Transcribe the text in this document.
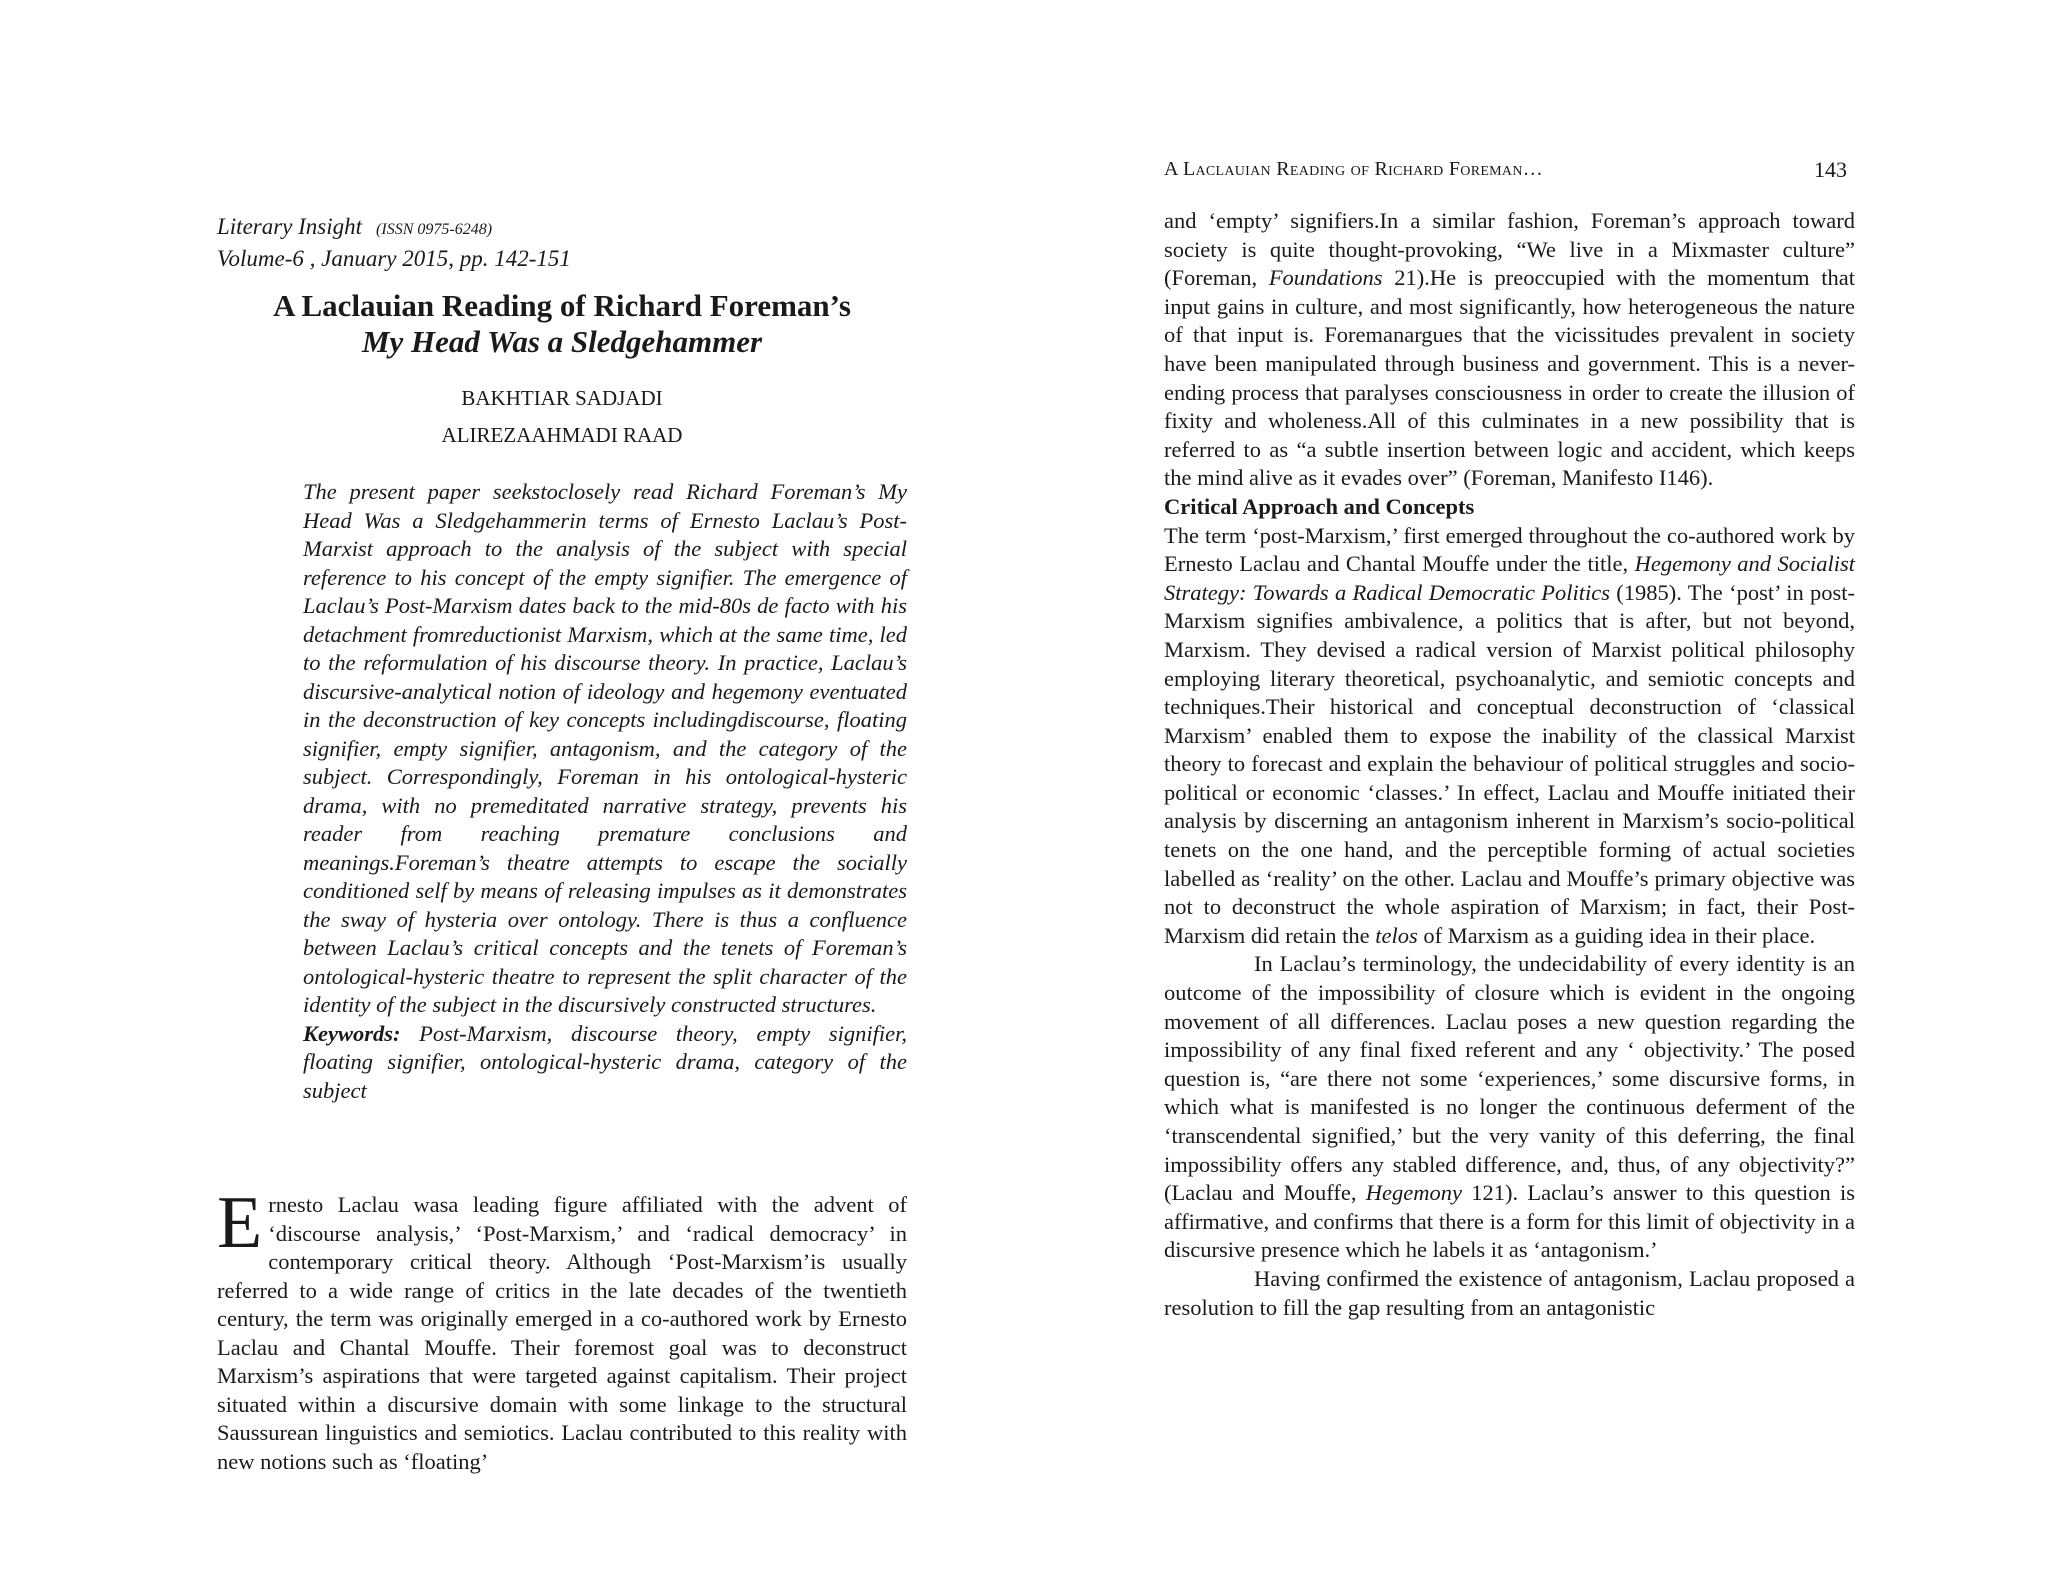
Literary Insight (ISSN 0975-6248)
Volume-6 , January 2015, pp. 142-151
A Laclauian Reading of Richard Foreman’s
My Head Was a Sledgehammer
BAKHTIAR SADJADI
ALIREZAAHMADI RAAD

The present paper seekstoclosely read Richard Foreman’s My Head Was a Sledgehammerin terms of Ernesto Laclau’s Post-Marxist approach to the analysis of the subject with special reference to his concept of the empty signifier. The emergence of Laclau’s Post-Marxism dates back to the mid-80s de facto with his detachment fromreductionist Marxism, which at the same time, led to the reformulation of his discourse theory. In practice, Laclau’s discursive-analytical notion of ideology and hegemony eventuated in the deconstruction of key concepts includingdiscourse, floating signifier, empty signifier, antagonism, and the category of the subject. Correspondingly, Foreman in his ontological-hysteric drama, with no premeditated narrative strategy, prevents his reader from reaching premature conclusions and meanings.Foreman’s theatre attempts to escape the socially conditioned self by means of releasing impulses as it demonstrates the sway of hysteria over ontology. There is thus a confluence between Laclau’s critical concepts and the tenets of Foreman’s ontological-hysteric theatre to represent the split character of the identity of the subject in the discursively constructed structures.

Keywords: Post-Marxism, discourse theory, empty signifier, floating signifier, ontological-hysteric drama, category of the subject

Ernesto Laclau wasa leading figure affiliated with the advent of ‘discourse analysis,’ ‘Post-Marxism,’ and ‘radical democracy’ in contemporary critical theory. Although ‘Post-Marxism’is usually referred to a wide range of critics in the late decades of the twentieth century, the term was originally emerged in a co-authored work by Ernesto Laclau and Chantal Mouffe. Their foremost goal was to deconstruct Marxism’s aspirations that were targeted against capitalism. Their project situated within a discursive domain with some linkage to the structural Saussurean linguistics and semiotics. Laclau contributed to this reality with new notions such as ‘floating’

A Laclauian Reading of Richard Foreman…	143

and ‘empty’ signifiers.In a similar fashion, Foreman’s approach toward society is quite thought-provoking, “We live in a Mixmaster culture” (Foreman, Foundations 21).He is preoccupied with the momentum that input gains in culture, and most significantly, how heterogeneous the nature of that input is. Foremanargues that the vicissitudes prevalent in society have been manipulated through business and government. This is a never-ending process that paralyses consciousness in order to create the illusion of fixity and wholeness.All of this culminates in a new possibility that is referred to as “a subtle insertion between logic and accident, which keeps the mind alive as it evades over” (Foreman, Manifesto I146).

Critical Approach and Concepts

The term ‘post-Marxism,’ first emerged throughout the co-authored work by Ernesto Laclau and Chantal Mouffe under the title, Hegemony and Socialist Strategy: Towards a Radical Democratic Politics (1985). The ‘post’ in post-Marxism signifies ambivalence, a politics that is after, but not beyond, Marxism. They devised a radical version of Marxist political philosophy employing literary theoretical, psychoanalytic, and semiotic concepts and techniques.Their historical and conceptual deconstruction of ‘classical Marxism’ enabled them to expose the inability of the classical Marxist theory to forecast and explain the behaviour of political struggles and socio-political or economic ‘classes.’ In effect, Laclau and Mouffe initiated their analysis by discerning an antagonism inherent in Marxism’s socio-political tenets on the one hand, and the perceptible forming of actual societies labelled as ‘reality’ on the other. Laclau and Mouffe’s primary objective was not to deconstruct the whole aspiration of Marxism; in fact, their Post-Marxism did retain the telos of Marxism as a guiding idea in their place.

In Laclau’s terminology, the undecidability of every identity is an outcome of the impossibility of closure which is evident in the ongoing movement of all differences. Laclau poses a new question regarding the impossibility of any final fixed referent and any ‘ objectivity.’ The posed question is, “are there not some ‘experiences,’ some discursive forms, in which what is manifested is no longer the continuous deferment of the ‘transcendental signified,’ but the very vanity of this deferring, the final impossibility offers any stabled difference, and, thus, of any objectivity?” (Laclau and Mouffe, Hegemony 121). Laclau’s answer to this question is affirmative, and confirms that there is a form for this limit of objectivity in a discursive presence which he labels it as ‘antagonism.’

Having confirmed the existence of antagonism, Laclau proposed a resolution to fill the gap resulting from an antagonistic
